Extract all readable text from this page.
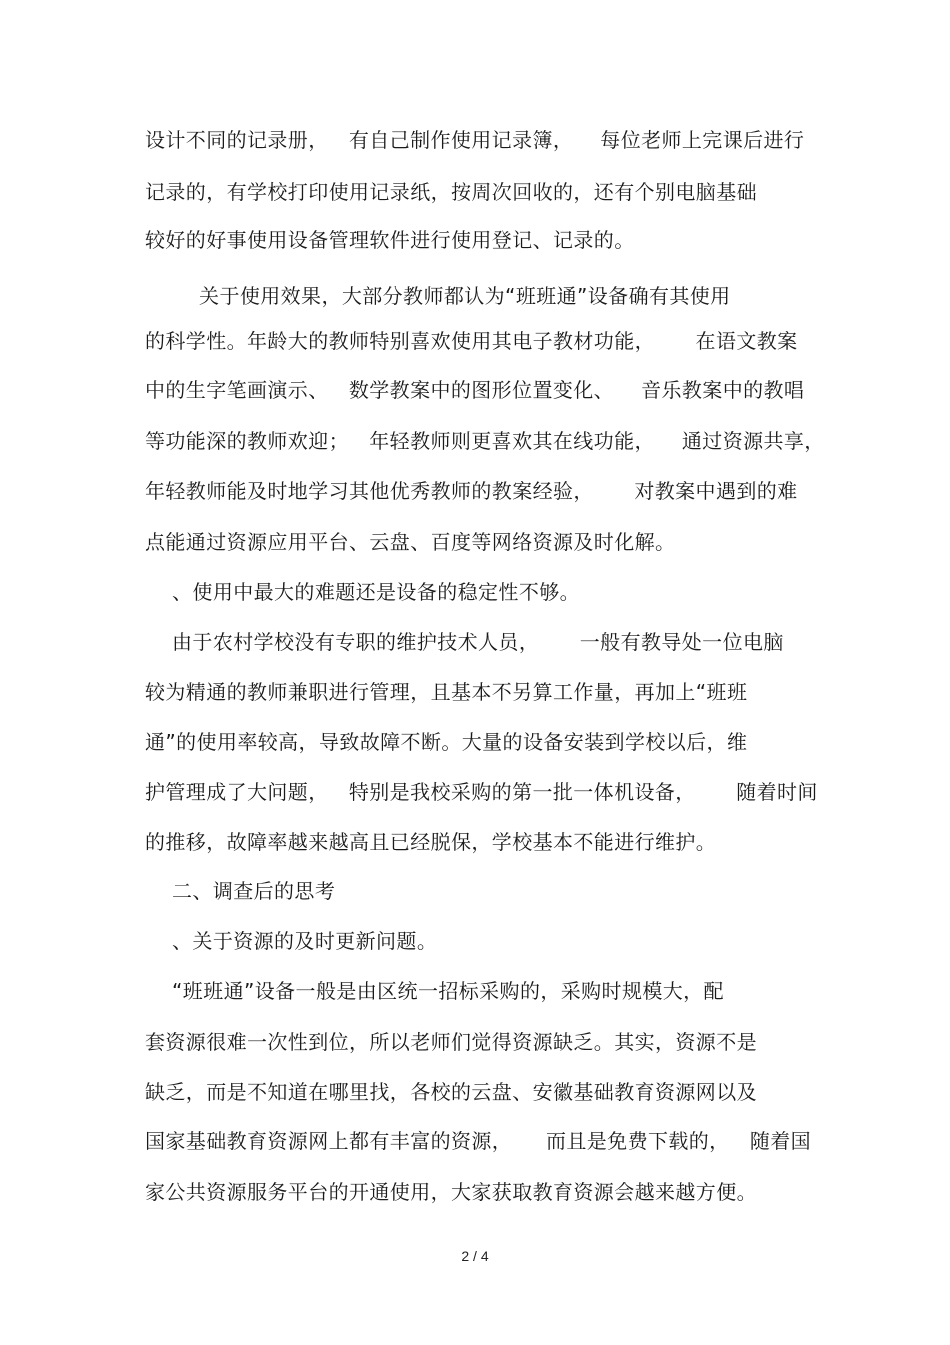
设计不同的记录册，   有自己制作使用记录簿，    每位老师上完课后进行
记录的，有学校打印使用记录纸，按周次回收的，还有个别电脑基础
较好的好事使用设备管理软件进行使用登记、记录的。
关于使用效果，大部分教师都认为“班班通”设备确有其使用
的科学性。年龄大的教师特别喜欢使用其电子教材功能，      在语文教案
中的生字笔画演示、   数学教案中的图形位置变化、    音乐教案中的教唱
等功能深的教师欢迎；   年轻教师则更喜欢其在线功能，    通过资源共享，
年轻教师能及时地学习其他优秀教师的教案经验，      对教案中遇到的难
点能通过资源应用平台、云盘、百度等网络资源及时化解。
、使用中最大的难题还是设备的稳定性不够。
由于农村学校没有专职的维护技术人员，      一般有教导处一位电脑
较为精通的教师兼职进行管理，且基本不另算工作量，再加上“班班
通”的使用率较高，导致故障不断。大量的设备安装到学校以后，维
护管理成了大问题，   特别是我校采购的第一批一体机设备，      随着时间
的推移，故障率越来越高且已经脱保，学校基本不能进行维护。
二、调查后的思考
、关于资源的及时更新问题。
“班班通”设备一般是由区统一招标采购的，采购时规模大，配
套资源很难一次性到位，所以老师们觉得资源缺乏。其实，资源不是
缺乏，而是不知道在哪里找，各校的云盘、安徽基础教育资源网以及
国家基础教育资源网上都有丰富的资源，     而且是免费下载的，   随着国
家公共资源服务平台的开通使用，大家获取教育资源会越来越方便。
2 / 4
